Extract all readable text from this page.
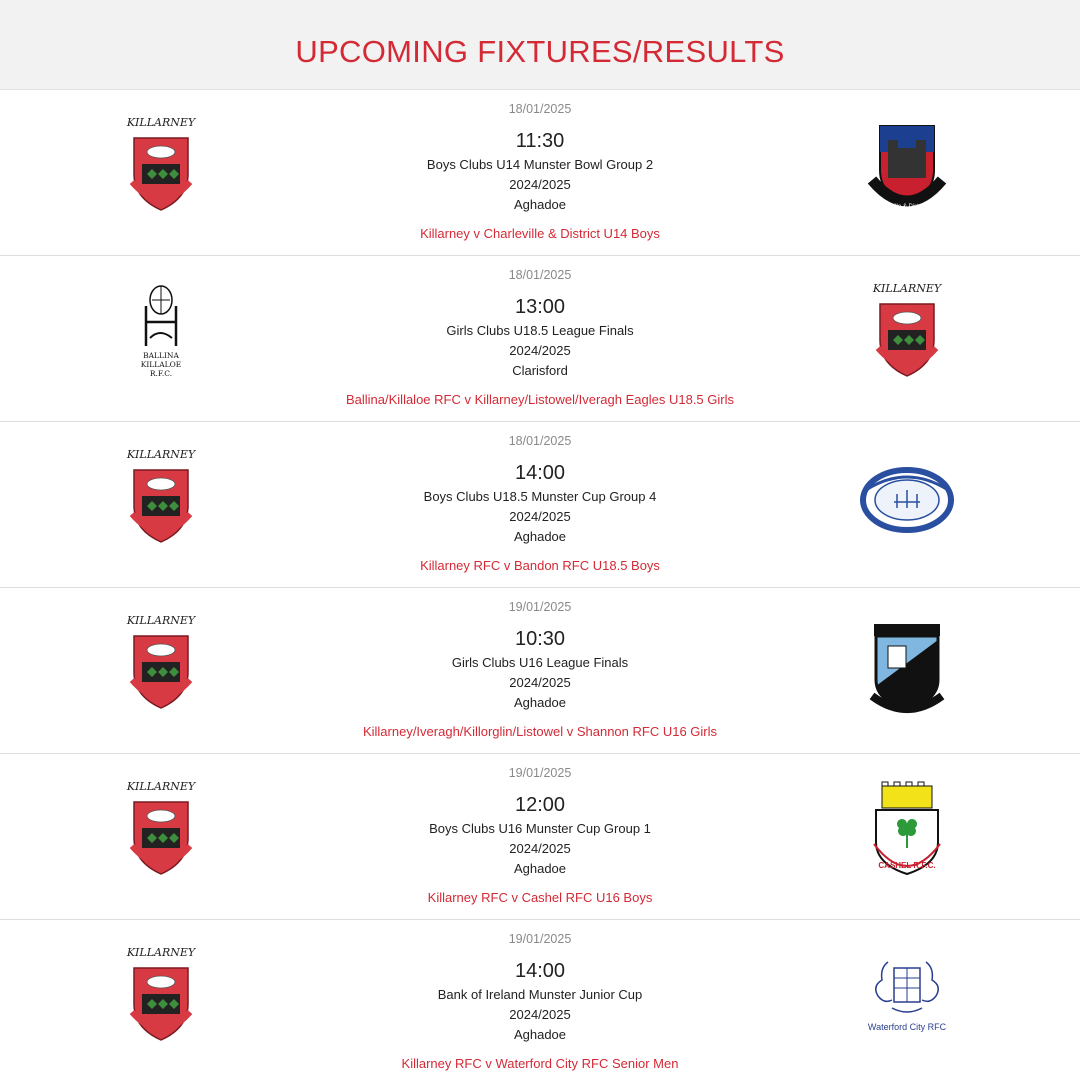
UPCOMING FIXTURES/RESULTS
KILLARNEY
18/01/2025
11:30
Boys Clubs U14 Munster Bowl Group 2
2024/2025
Aghadoe
Killarney v Charleville & District U14 Boys
Charleville & District RFC
BALLINA
KILLALOE
R.F.C.
18/01/2025
13:00
Girls Clubs U18.5 League Finals
2024/2025
Clarisford
Ballina/Killaloe RFC v Killarney/Listowel/Iveragh Eagles U18.5 Girls
KILLARNEY
KILLARNEY
18/01/2025
14:00
Boys Clubs U18.5 Munster Cup Group 4
2024/2025
Aghadoe
Killarney RFC v Bandon RFC U18.5 Boys
KILLARNEY
19/01/2025
10:30
Girls Clubs U16 League Finals
2024/2025
Aghadoe
Killarney/Iveragh/Killorglin/Listowel v Shannon RFC U16 Girls
KILLARNEY
19/01/2025
12:00
Boys Clubs U16 Munster Cup Group 1
2024/2025
Aghadoe
Killarney RFC v Cashel RFC U16 Boys
CASHEL R.F.C.
KILLARNEY
19/01/2025
14:00
Bank of Ireland Munster Junior Cup
2024/2025
Aghadoe
Killarney RFC v Waterford City RFC Senior Men
Waterford City RFC
